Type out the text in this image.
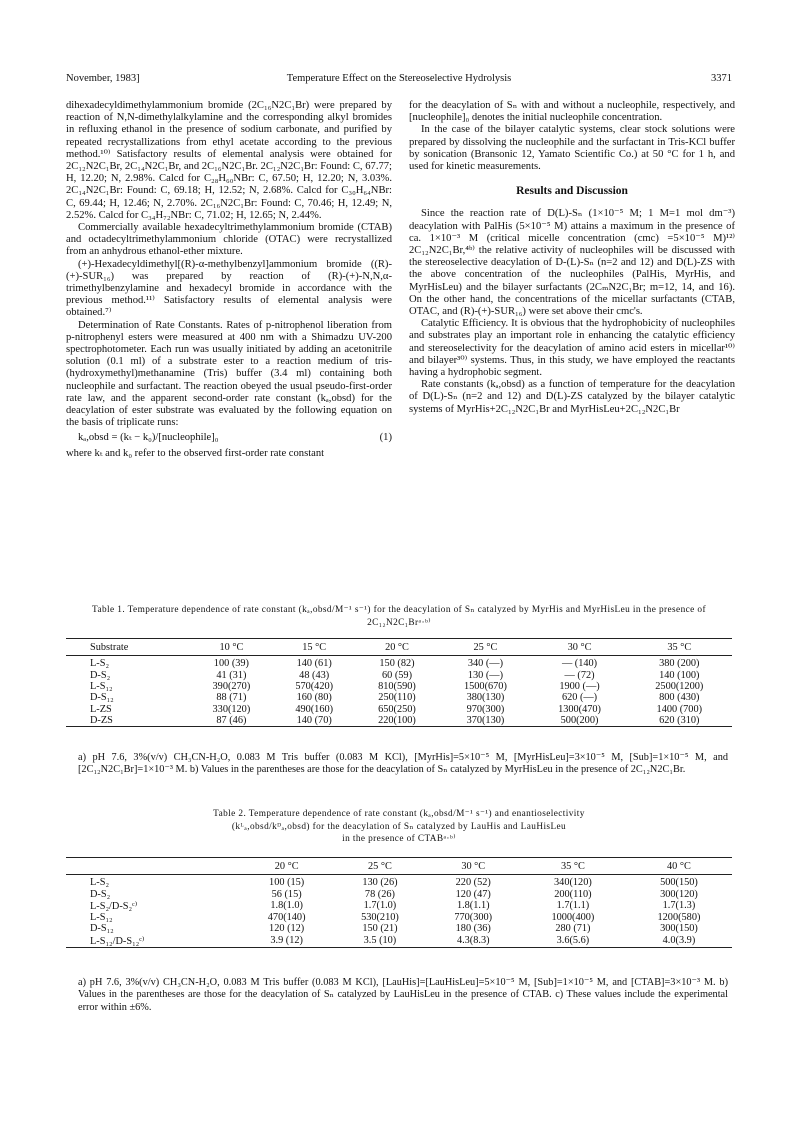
November, 1983]	Temperature Effect on the Stereoselective Hydrolysis	3371

dihexadecyldimethylammonium bromide (2C₁₆N2C₁Br) were prepared by reaction of N,N-dimethylalkylamine and the corresponding alkyl bromides in refluxing ethanol in the presence of sodium carbonate, and purified by repeated recrystallizations from ethyl acetate according to the previous method.¹⁰⁾ Satisfactory results of elemental analysis were obtained for 2C₁₂N2C₁Br, 2C₁₄N2C₁Br, and 2C₁₆N2C₁Br. 2C₁₂N2C₁Br: Found: C, 67.77; H, 12.20; N, 2.98%. Calcd for C₂₈H₆₀NBr: C, 67.50; H, 12.20; N, 3.03%. 2C₁₄N2C₁Br: Found: C, 69.18; H, 12.52; N, 2.68%. Calcd for C₃₀H₆₄NBr: C, 69.44; H, 12.46; N, 2.70%. 2C₁₆N2C₁Br: Found: C, 70.46; H, 12.49; N, 2.52%. Calcd for C₃₄H₇₂NBr: C, 71.02; H, 12.65; N, 2.44%.

Commercially available hexadecyltrimethylammonium bromide (CTAB) and octadecyltrimethylammonium chloride (OTAC) were recrystallized from an anhydrous ethanol-ether mixture.

(+)-Hexadecyldimethyl[(R)-α-methylbenzyl]ammonium bromide ((R)-(+)-SUR₁₆) was prepared by reaction of (R)-(+)-N,N,α-trimethylbenzylamine and hexadecyl bromide in accordance with the previous method.¹¹⁾ Satisfactory results of elemental analysis were obtained.⁷⁾

Determination of Rate Constants. Rates of p-nitrophenol liberation from p-nitrophenyl esters were measured at 400 nm with a Shimadzu UV-200 spectrophotometer. Each run was usually initiated by adding an acetonitrile solution (0.1 ml) of a substrate ester to a reaction medium of tris-(hydroxymethyl)methanamine (Tris) buffer (3.4 ml) containing both nucleophile and surfactant. The reaction obeyed the usual pseudo-first-order rate law, and the apparent second-order rate constant (kₐ,obsd) for the deacylation of ester substrate was evaluated by the following equation on the basis of triplicate runs:

kₐ,obsd = (kₜ − k₀)/[nucleophile]₀	(1)

where kₜ and k₀ refer to the observed first-order rate constant

for the deacylation of Sₙ with and without a nucleophile, respectively, and [nucleophile]₀ denotes the initial nucleophile concentration.

In the case of the bilayer catalytic systems, clear stock solutions were prepared by dissolving the nucleophile and the surfactant in Tris-KCl buffer by sonication (Bransonic 12, Yamato Scientific Co.) at 50 °C for 1 h, and used for kinetic measurements.

Results and Discussion

Since the reaction rate of D(L)-Sₙ (1×10⁻⁵ M; 1 M=1 mol dm⁻³) deacylation with PalHis (5×10⁻⁵ M) attains a maximum in the presence of ca. 1×10⁻³ M (critical micelle concentration (cmc) =5×10⁻⁵ M)¹²⁾ 2C₁₂N2C₁Br,⁴ᵇ⁾ the relative activity of nucleophiles will be discussed with the stereoselective deacylation of D-(L)-Sₙ (n=2 and 12) and D(L)-ZS with the above concentration of the nucleophiles (PalHis, MyrHis, and MyrHisLeu) and the bilayer surfactants (2CₘN2C₁Br; m=12, 14, and 16). On the other hand, the concentrations of the micellar surfactants (CTAB, OTAC, and (R)-(+)-SUR₁₆) were set above their cmc's.

Catalytic Efficiency. It is obvious that the hydrophobicity of nucleophiles and substrates play an important role in enhancing the catalytic efficiency and stereoselectivity for the deacylation of amino acid esters in micellar¹⁰⁾ and bilayer³⁰⁾ systems. Thus, in this study, we have employed the reactants having a hydrophobic segment.

Rate constants (kₐ,obsd) as a function of temperature for the deacylation of D(L)-Sₙ (n=2 and 12) and D(L)-ZS catalyzed by the bilayer catalytic systems of MyrHis+2C₁₂N2C₁Br and MyrHisLeu+2C₁₂N2C₁Br

Table 1. Temperature dependence of rate constant (kₐ,obsd/M⁻¹ s⁻¹) for the deacylation of Sₙ catalyzed by MyrHis and MyrHisLeu in the presence of 2C₁₂N2C₁Brᵃ·ᵇ⁾
Substrate	10 °C	15 °C	20 °C	25 °C	30 °C	35 °C
L-S₂	100 (39)	140 (61)	150 (82)	340 (—)	— (140)	380 (200)
D-S₂	41 (31)	48 (43)	60 (59)	130 (—)	— (72)	140 (100)
L-S₁₂	390(270)	570(420)	810(590)	1500(670)	1900 (—)	2500(1200)
D-S₁₂	88 (71)	160 (80)	250(110)	380(130)	620 (—)	800 (430)
L-ZS	330(120)	490(160)	650(250)	970(300)	1300(470)	1400 (700)
D-ZS	87 (46)	140 (70)	220(100)	370(130)	500(200)	620 (310)
a) pH 7.6, 3%(v/v) CH₃CN-H₂O, 0.083 M Tris buffer (0.083 M KCl), [MyrHis]=5×10⁻⁵ M, [MyrHisLeu]=3×10⁻⁵ M, [Sub]=1×10⁻⁵ M, and [2C₁₂N2C₁Br]=1×10⁻³ M. b) Values in the parentheses are those for the deacylation of Sₙ catalyzed by MyrHisLeu in the presence of 2C₁₂N2C₁Br.
Table 2. Temperature dependence of rate constant (kₐ,obsd/M⁻¹ s⁻¹) and enantioselectivity
(kᴸₐ,obsd/kᴰₐ,obsd) for the deacylation of Sₙ catalyzed by LauHis and LauHisLeu
in the presence of CTABᵃ·ᵇ⁾
	20 °C	25 °C	30 °C	35 °C	40 °C
L-S₂	100 (15)	130 (26)	220 (52)	340(120)	500(150)
D-S₂	56 (15)	78 (26)	120 (47)	200(110)	300(120)
L-S₂/D-S₂ᶜ⁾	1.8(1.0)	1.7(1.0)	1.8(1.1)	1.7(1.1)	1.7(1.3)
L-S₁₂	470(140)	530(210)	770(300)	1000(400)	1200(580)
D-S₁₂	120 (12)	150 (21)	180 (36)	280 (71)	300(150)
L-S₁₂/D-S₁₂ᶜ⁾	3.9 (12)	3.5 (10)	4.3(8.3)	3.6(5.6)	4.0(3.9)
a) pH 7.6, 3%(v/v) CH₃CN-H₂O, 0.083 M Tris buffer (0.083 M KCl), [LauHis]=[LauHisLeu]=5×10⁻⁵ M, [Sub]=1×10⁻⁵ M, and [CTAB]=3×10⁻³ M. b) Values in the parentheses are those for the deacylation of Sₙ catalyzed by LauHisLeu in the presence of CTAB. c) These values include the experimental error within ±6%.
